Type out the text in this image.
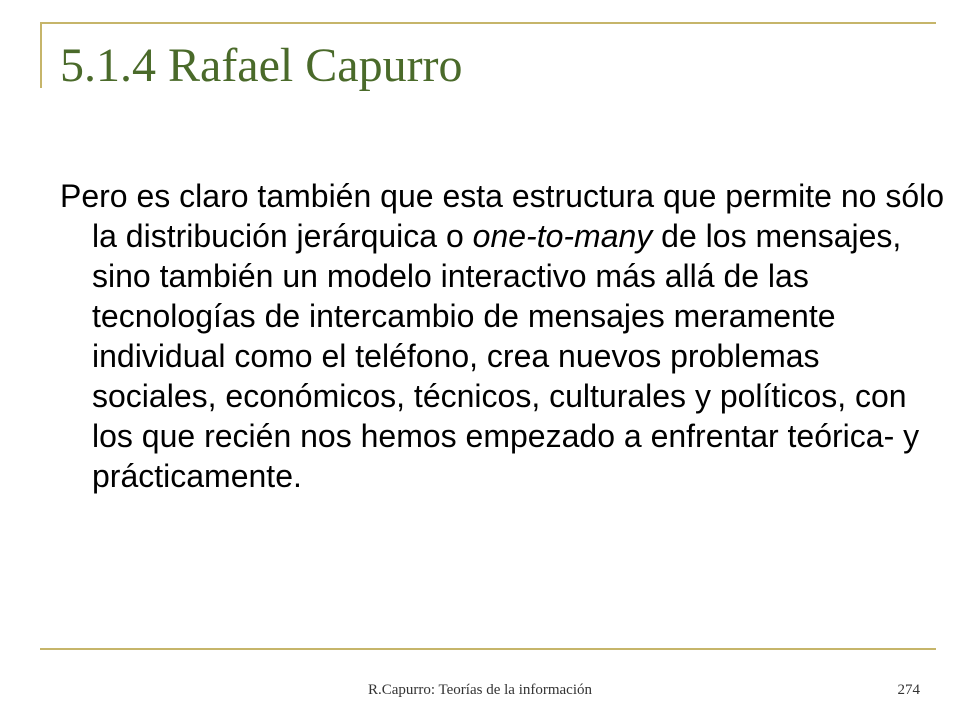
5.1.4 Rafael Capurro

Pero es claro también que esta estructura que permite no sólo la distribución jerárquica o one-to-many de los mensajes, sino también un modelo interactivo más allá de las tecnologías de intercambio de mensajes meramente individual como el teléfono, crea nuevos problemas sociales, económicos, técnicos, culturales y políticos, con los que recién nos hemos empezado a enfrentar teórica- y prácticamente.

R.Capurro: Teorías de la información	274
